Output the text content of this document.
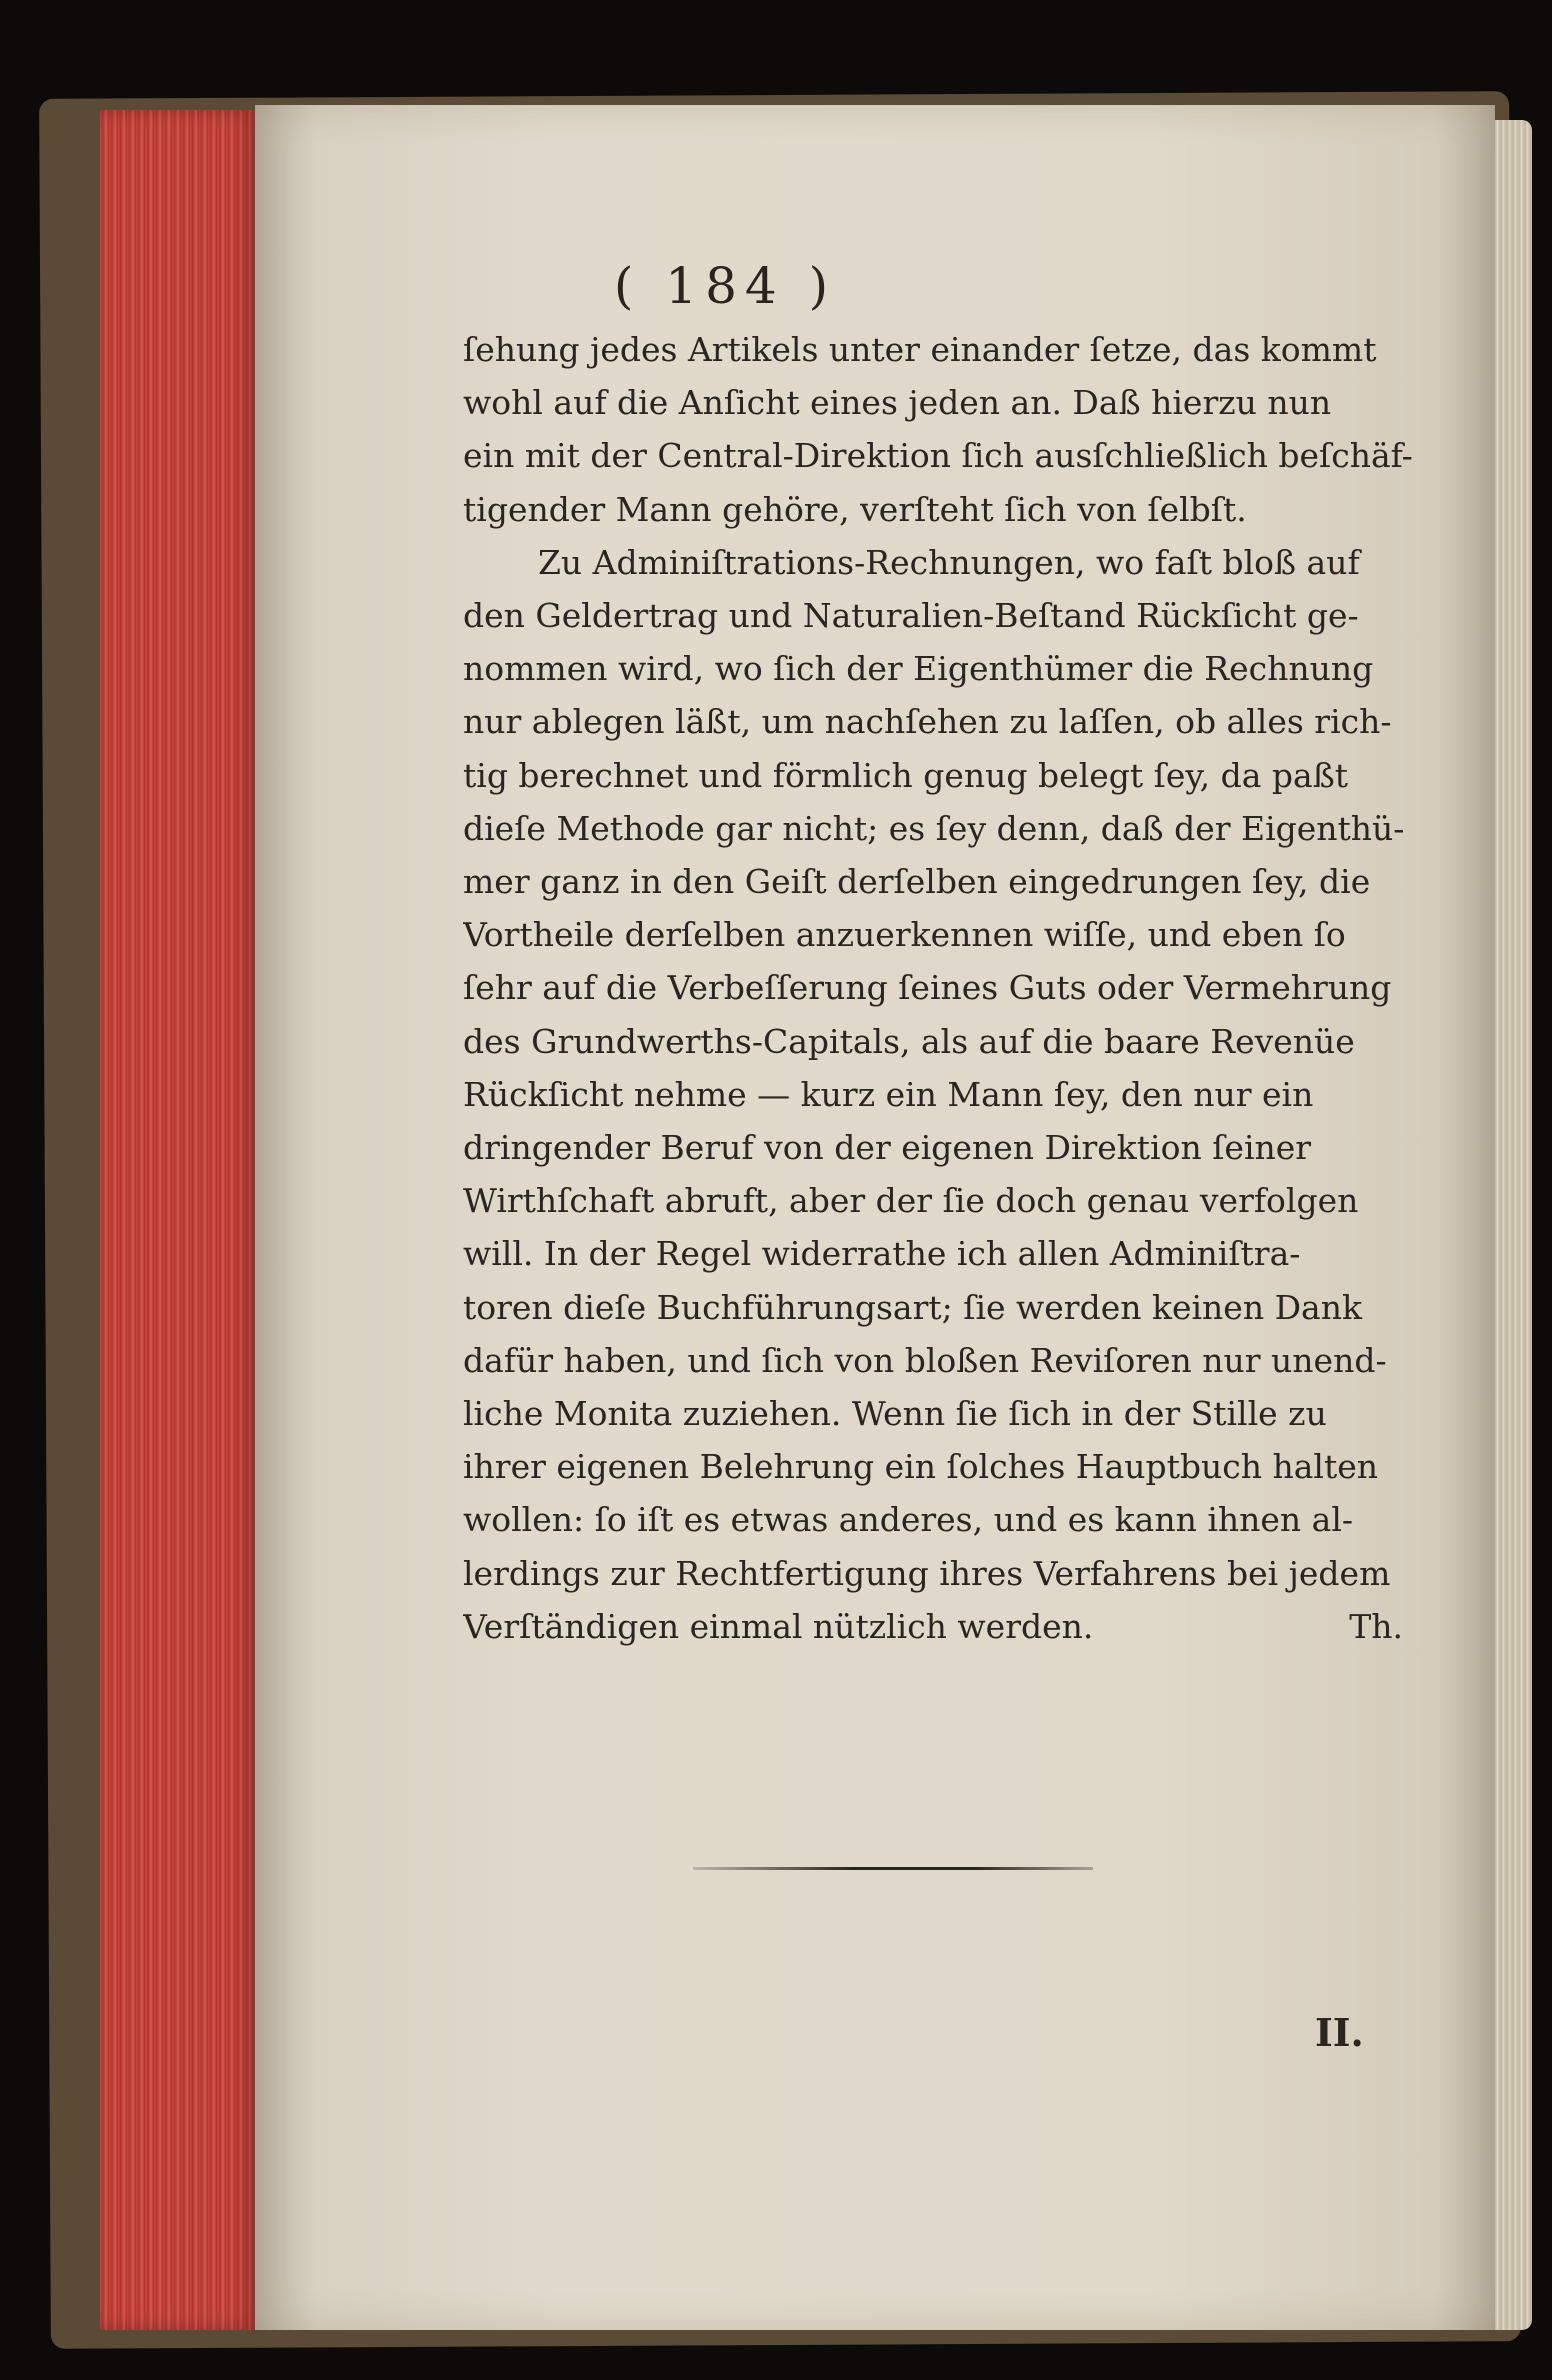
( 184 )
ſehung jedes Artikels unter einander ſetze, das kommt
wohl auf die Anſicht eines jeden an. Daß hierzu nun
ein mit der Central-Direktion ſich ausſchließlich beſchäf-
tigender Mann gehöre, verſteht ſich von ſelbſt.
Zu Adminiſtrations-Rechnungen, wo faſt bloß auf
den Geldertrag und Naturalien-Beſtand Rückſicht ge-
nommen wird, wo ſich der Eigenthümer die Rechnung
nur ablegen läßt, um nachſehen zu laſſen, ob alles rich-
tig berechnet und förmlich genug belegt ſey, da paßt
dieſe Methode gar nicht; es ſey denn, daß der Eigenthü-
mer ganz in den Geiſt derſelben eingedrungen ſey, die
Vortheile derſelben anzuerkennen wiſſe, und eben ſo
ſehr auf die Verbeſſerung ſeines Guts oder Vermehrung
des Grundwerths-Capitals, als auf die baare Revenüe
Rückſicht nehme — kurz ein Mann ſey, den nur ein
dringender Beruf von der eigenen Direktion ſeiner
Wirthſchaft abruft, aber der ſie doch genau verfolgen
will. In der Regel widerrathe ich allen Adminiſtra-
toren dieſe Buchführungsart; ſie werden keinen Dank
dafür haben, und ſich von bloßen Reviſoren nur unend-
liche Monita zuziehen. Wenn ſie ſich in der Stille zu
ihrer eigenen Belehrung ein ſolches Hauptbuch halten
wollen: ſo iſt es etwas anderes, und es kann ihnen al-
lerdings zur Rechtfertigung ihres Verfahrens bei jedem
Verſtändigen einmal nützlich werden.	Th.
II.
